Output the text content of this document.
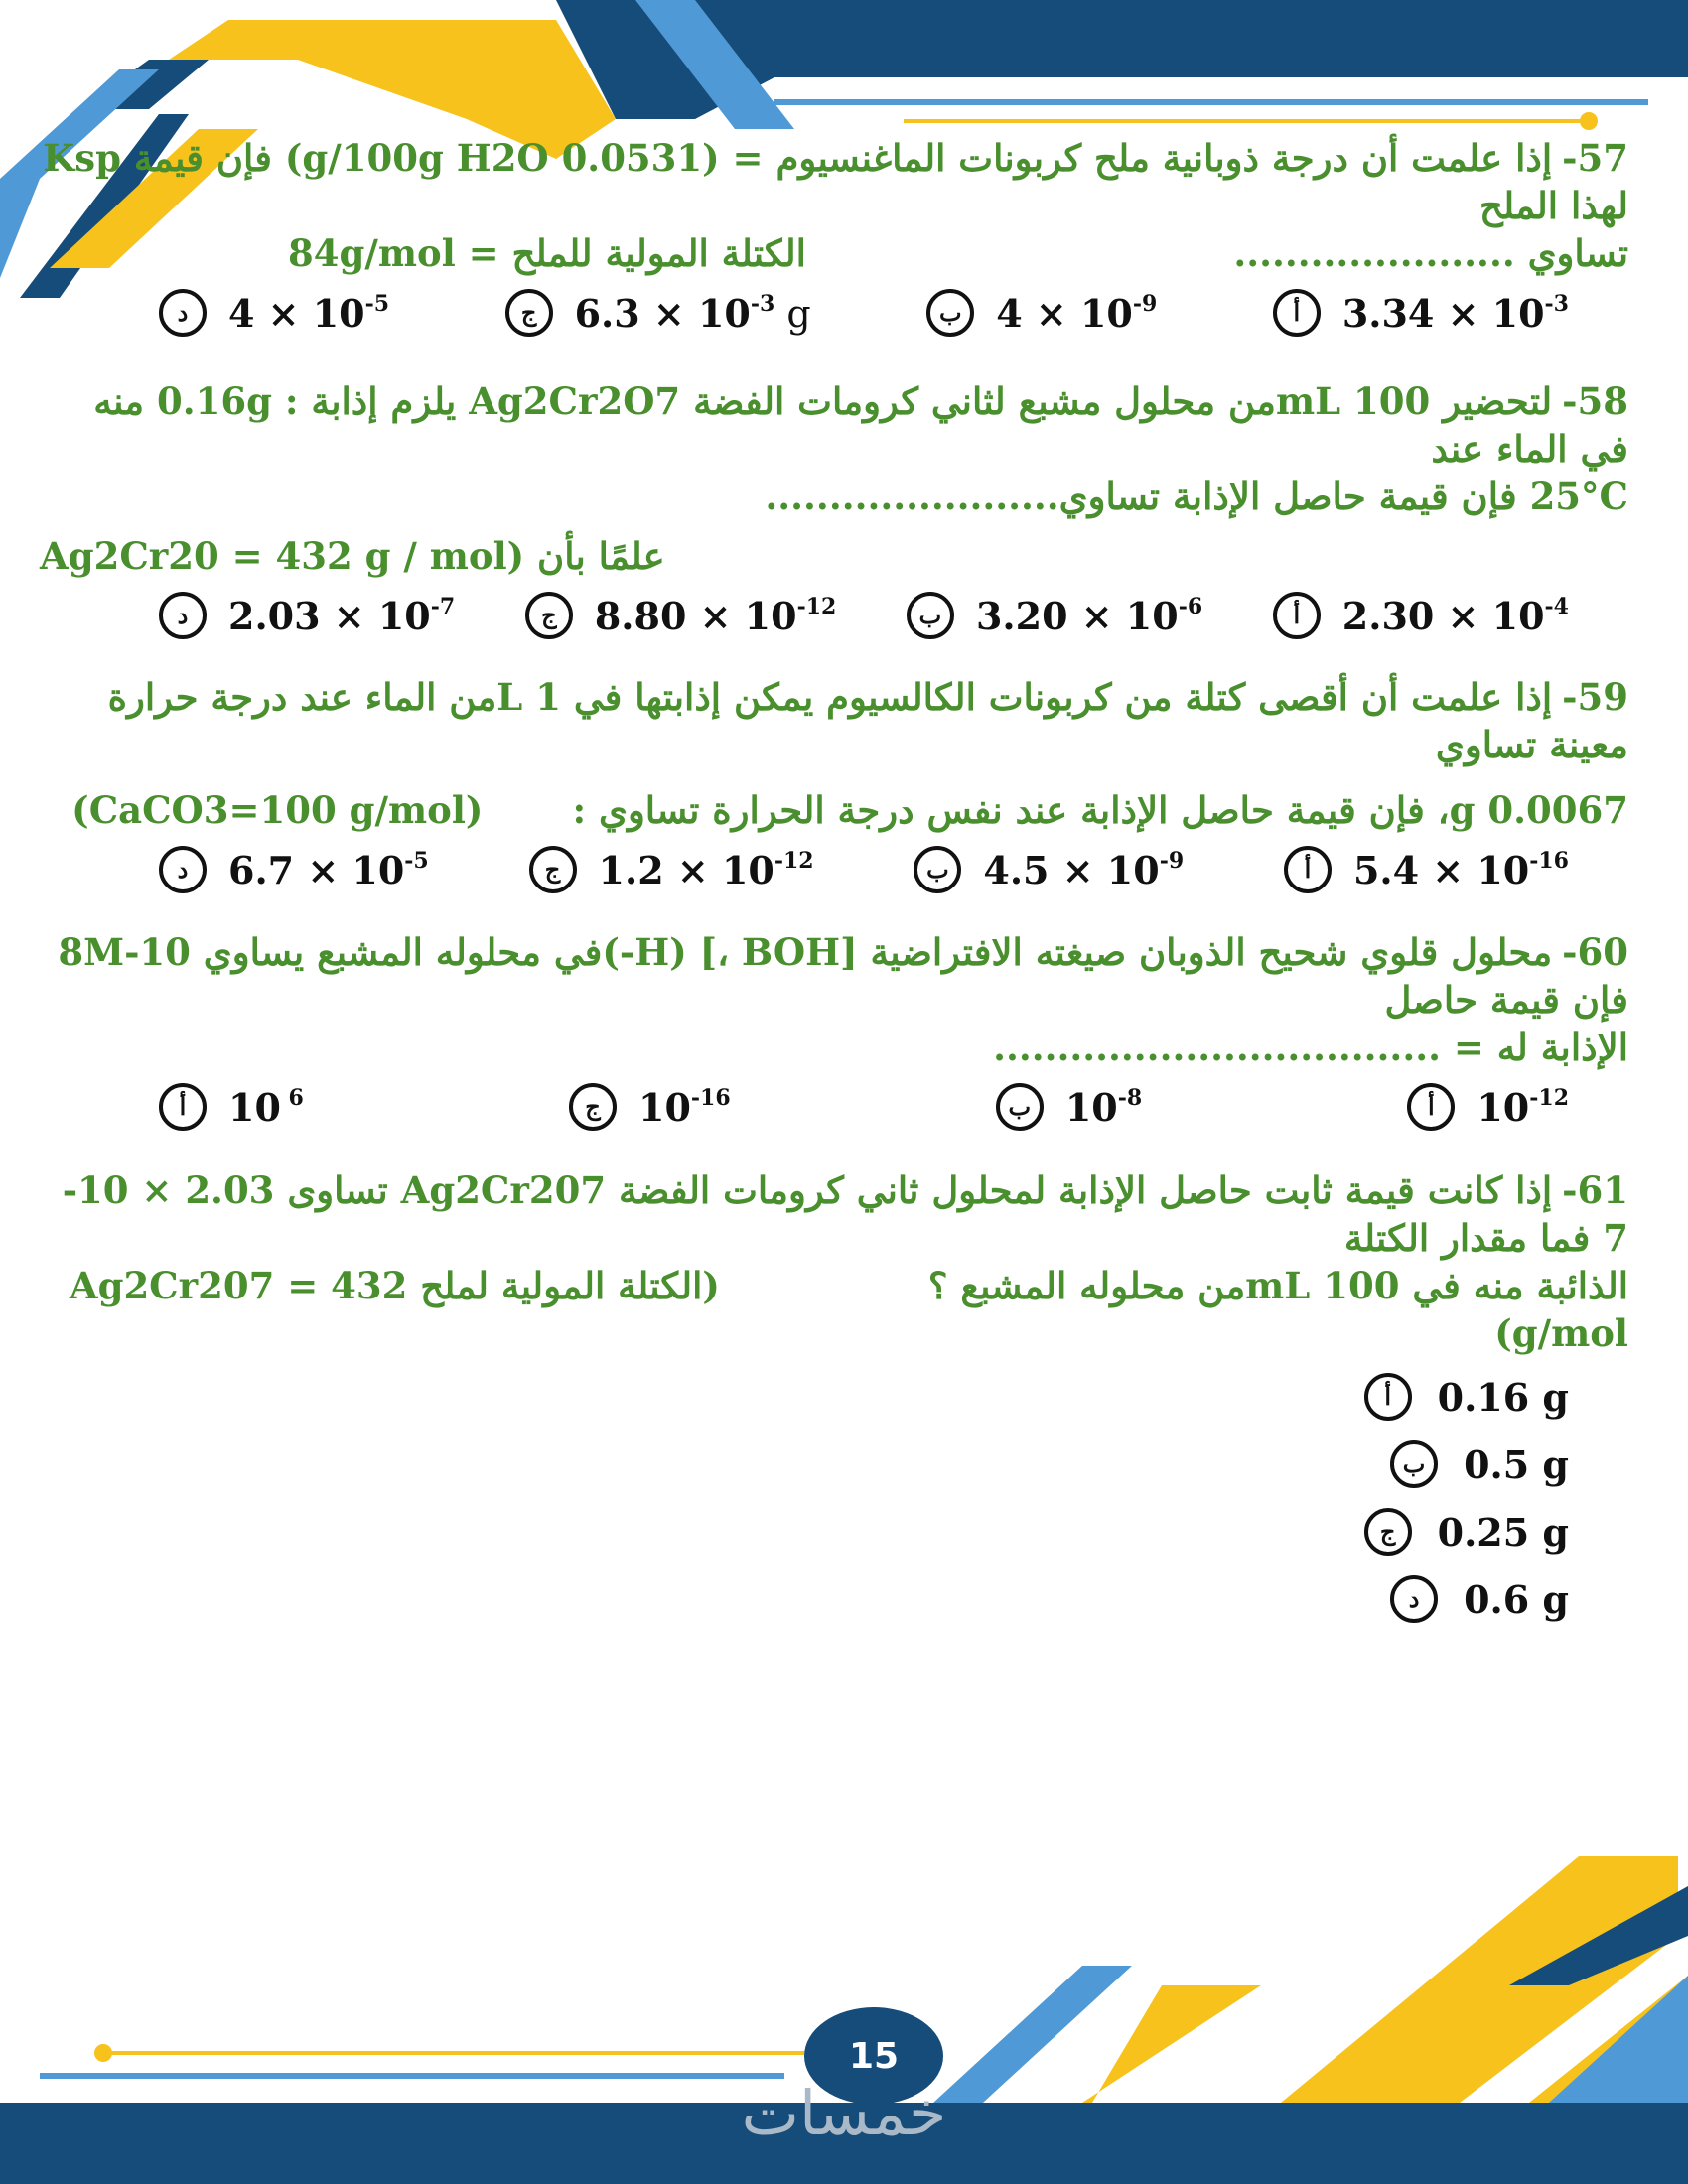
57-إذا علمت أن درجة ذوبانية ملح كربونات الماغنسيوم = (0.0531 g/100g H2O) فإن قيمة Ksp لهذا الملح
تساوي ......................
الكتلة المولية للملح = 84g/mol
أ	$3.34 \times 10^{-3}$
ب $4 \times 10^{-9}$
ج	$6.3 \times 10^{-3}$ g
د	$4 \times 10^{-5}$
58-لتحضير 100 mLمن محلول مشبع لثاني كرومات الفضة Ag2Cr2O7 يلزم إذابة : 0.16g منه في الماء عند
25°C فإن قيمة حاصل الإذابة تساوي.......................
علمًا بأن (Ag2Cr20 = 432 g / mol
أ	$2.30 \times 10^{-4}$
ب $3.20 \times 10^{-6}$
ج	$8.80 \times 10^{-12}$
د	$2.03 \times 10^{-7}$
59-إذا علمت أن أقصى كتلة من كربونات الكالسيوم يمكن إذابتها في 1 Lمن الماء عند درجة حرارة معينة تساوي
0.0067 g، فإن قيمة حاصل الإذابة عند نفس درجة الحرارة تساوي :(CaCO3=100 g/mol)
أ	$5.4 \times 10^{-16}$
ب $4.5 \times 10^{-9}$
ج	$1.2 \times 10^{-12}$
د	$6.7 \times 10^{-5}$
60-محلول قلوي شحيح الذوبان صيغته الافتراضية [BOH ،] (H-)في محلوله المشبع يساوي 10-8M فإن قيمة حاصل
الإذابة له = ...................................
أ	$10^{-12}$
ب $10^{-8}$
ج	$10^{-16}$
أ	10 $^6$
61-إذا كانت قيمة ثابت حاصل الإذابة لمحلول ثاني كرومات الفضة Ag2Cr207 تساوى 2.03 × 10-7 فما مقدار الكتلة
الذائبة منه في 100 mLمن محلوله المشبع ؟(الكتلة المولية لملح Ag2Cr207 = 432 g/mol)
أ	0.16 g
ب	0.5 g
ج	0.25 g
د	0.6 g
15
خمسات
